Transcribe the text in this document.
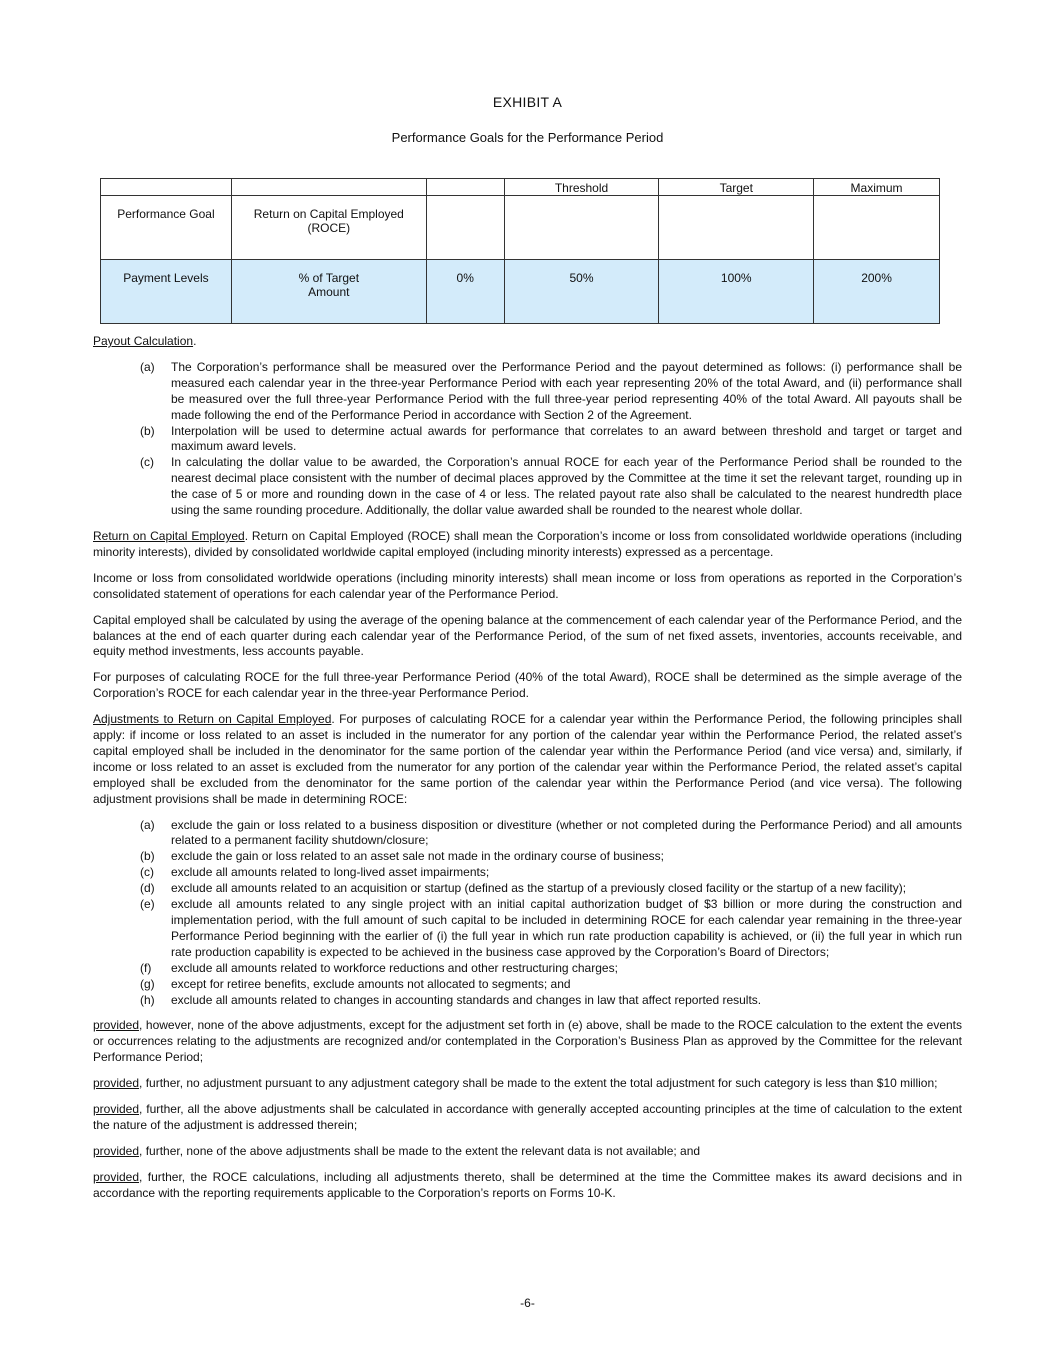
EXHIBIT A
Performance Goals for the Performance Period
			Threshold	Target	Maximum
Performance Goal	Return on Capital Employed (ROCE)				
Payment Levels	% of Target Amount	0%	50%	100%	200%

Payout Calculation.

(a)	The Corporation’s performance shall be measured over the Performance Period and the payout determined as follows: (i) performance shall be measured each calendar year in the three-year Performance Period with each year representing 20% of the total Award, and (ii) performance shall be measured over the full three-year Performance Period with the full three-year period representing 40% of the total Award. All payouts shall be made following the end of the Performance Period in accordance with Section 2 of the Agreement.
(b)	Interpolation will be used to determine actual awards for performance that correlates to an award between threshold and target or target and maximum award levels.
(c)	In calculating the dollar value to be awarded, the Corporation’s annual ROCE for each year of the Performance Period shall be rounded to the nearest decimal place consistent with the number of decimal places approved by the Committee at the time it set the relevant target, rounding up in the case of 5 or more and rounding down in the case of 4 or less. The related payout rate also shall be calculated to the nearest hundredth place using the same rounding procedure. Additionally, the dollar value awarded shall be rounded to the nearest whole dollar.

Return on Capital Employed. Return on Capital Employed (ROCE) shall mean the Corporation’s income or loss from consolidated worldwide operations (including minority interests), divided by consolidated worldwide capital employed (including minority interests) expressed as a percentage.

Income or loss from consolidated worldwide operations (including minority interests) shall mean income or loss from operations as reported in the Corporation’s consolidated statement of operations for each calendar year of the Performance Period.

Capital employed shall be calculated by using the average of the opening balance at the commencement of each calendar year of the Performance Period, and the balances at the end of each quarter during each calendar year of the Performance Period, of the sum of net fixed assets, inventories, accounts receivable, and equity method investments, less accounts payable.

For purposes of calculating ROCE for the full three-year Performance Period (40% of the total Award), ROCE shall be determined as the simple average of the Corporation’s ROCE for each calendar year in the three-year Performance Period.

Adjustments to Return on Capital Employed. For purposes of calculating ROCE for a calendar year within the Performance Period, the following principles shall apply: if income or loss related to an asset is included in the numerator for any portion of the calendar year within the Performance Period, the related asset’s capital employed shall be included in the denominator for the same portion of the calendar year within the Performance Period (and vice versa) and, similarly, if income or loss related to an asset is excluded from the numerator for any portion of the calendar year within the Performance Period, the related asset’s capital employed shall be excluded from the denominator for the same portion of the calendar year within the Performance Period (and vice versa). The following adjustment provisions shall be made in determining ROCE:

(a)	exclude the gain or loss related to a business disposition or divestiture (whether or not completed during the Performance Period) and all amounts related to a permanent facility shutdown/closure;
(b)	exclude the gain or loss related to an asset sale not made in the ordinary course of business;
(c)	exclude all amounts related to long-lived asset impairments;
(d)	exclude all amounts related to an acquisition or startup (defined as the startup of a previously closed facility or the startup of a new facility);
(e)	exclude all amounts related to any single project with an initial capital authorization budget of $3 billion or more during the construction and implementation period, with the full amount of such capital to be included in determining ROCE for each calendar year remaining in the three-year Performance Period beginning with the earlier of (i) the full year in which run rate production capability is achieved, or (ii) the full year in which run rate production capability is expected to be achieved in the business case approved by the Corporation’s Board of Directors;
(f)	exclude all amounts related to workforce reductions and other restructuring charges;
(g)	except for retiree benefits, exclude amounts not allocated to segments; and
(h)	exclude all amounts related to changes in accounting standards and changes in law that affect reported results.

provided, however, none of the above adjustments, except for the adjustment set forth in (e) above, shall be made to the ROCE calculation to the extent the events or occurrences relating to the adjustments are recognized and/or contemplated in the Corporation’s Business Plan as approved by the Committee for the relevant Performance Period;

provided, further, no adjustment pursuant to any adjustment category shall be made to the extent the total adjustment for such category is less than $10 million;

provided, further, all the above adjustments shall be calculated in accordance with generally accepted accounting principles at the time of calculation to the extent the nature of the adjustment is addressed therein;

provided, further, none of the above adjustments shall be made to the extent the relevant data is not available; and

provided, further, the ROCE calculations, including all adjustments thereto, shall be determined at the time the Committee makes its award decisions and in accordance with the reporting requirements applicable to the Corporation’s reports on Forms 10-K.

-6-
